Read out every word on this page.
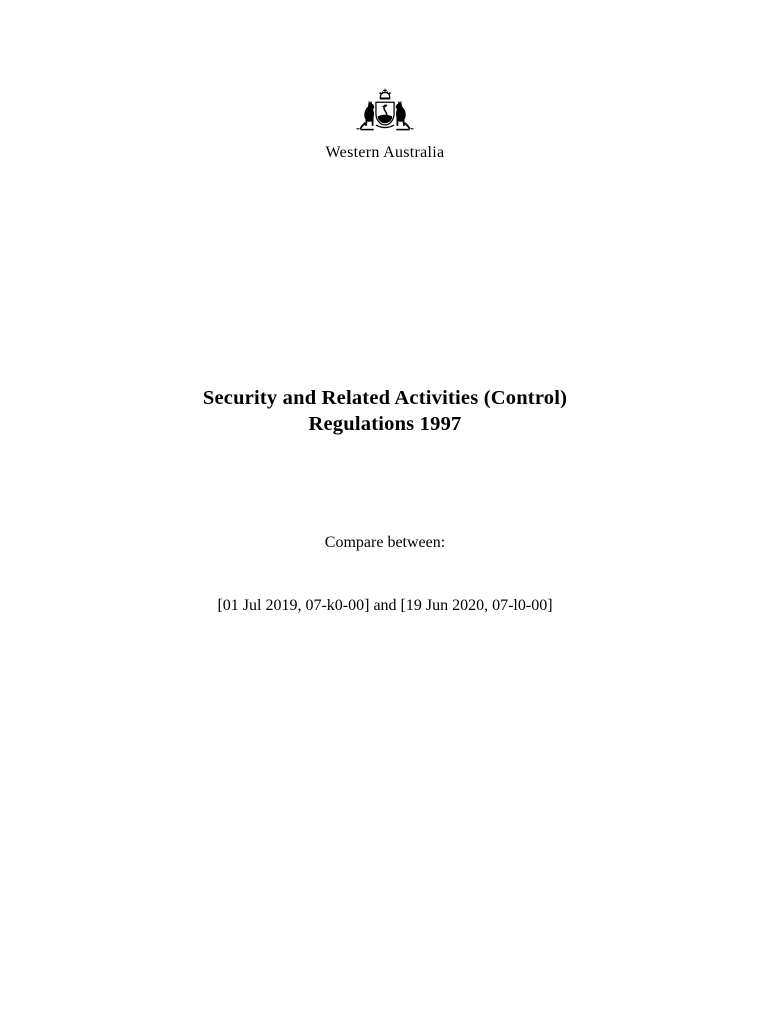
Western Australia
Security and Related Activities (Control)
Regulations 1997
Compare between:
[01 Jul 2019, 07-k0-00] and [19 Jun 2020, 07-l0-00]
